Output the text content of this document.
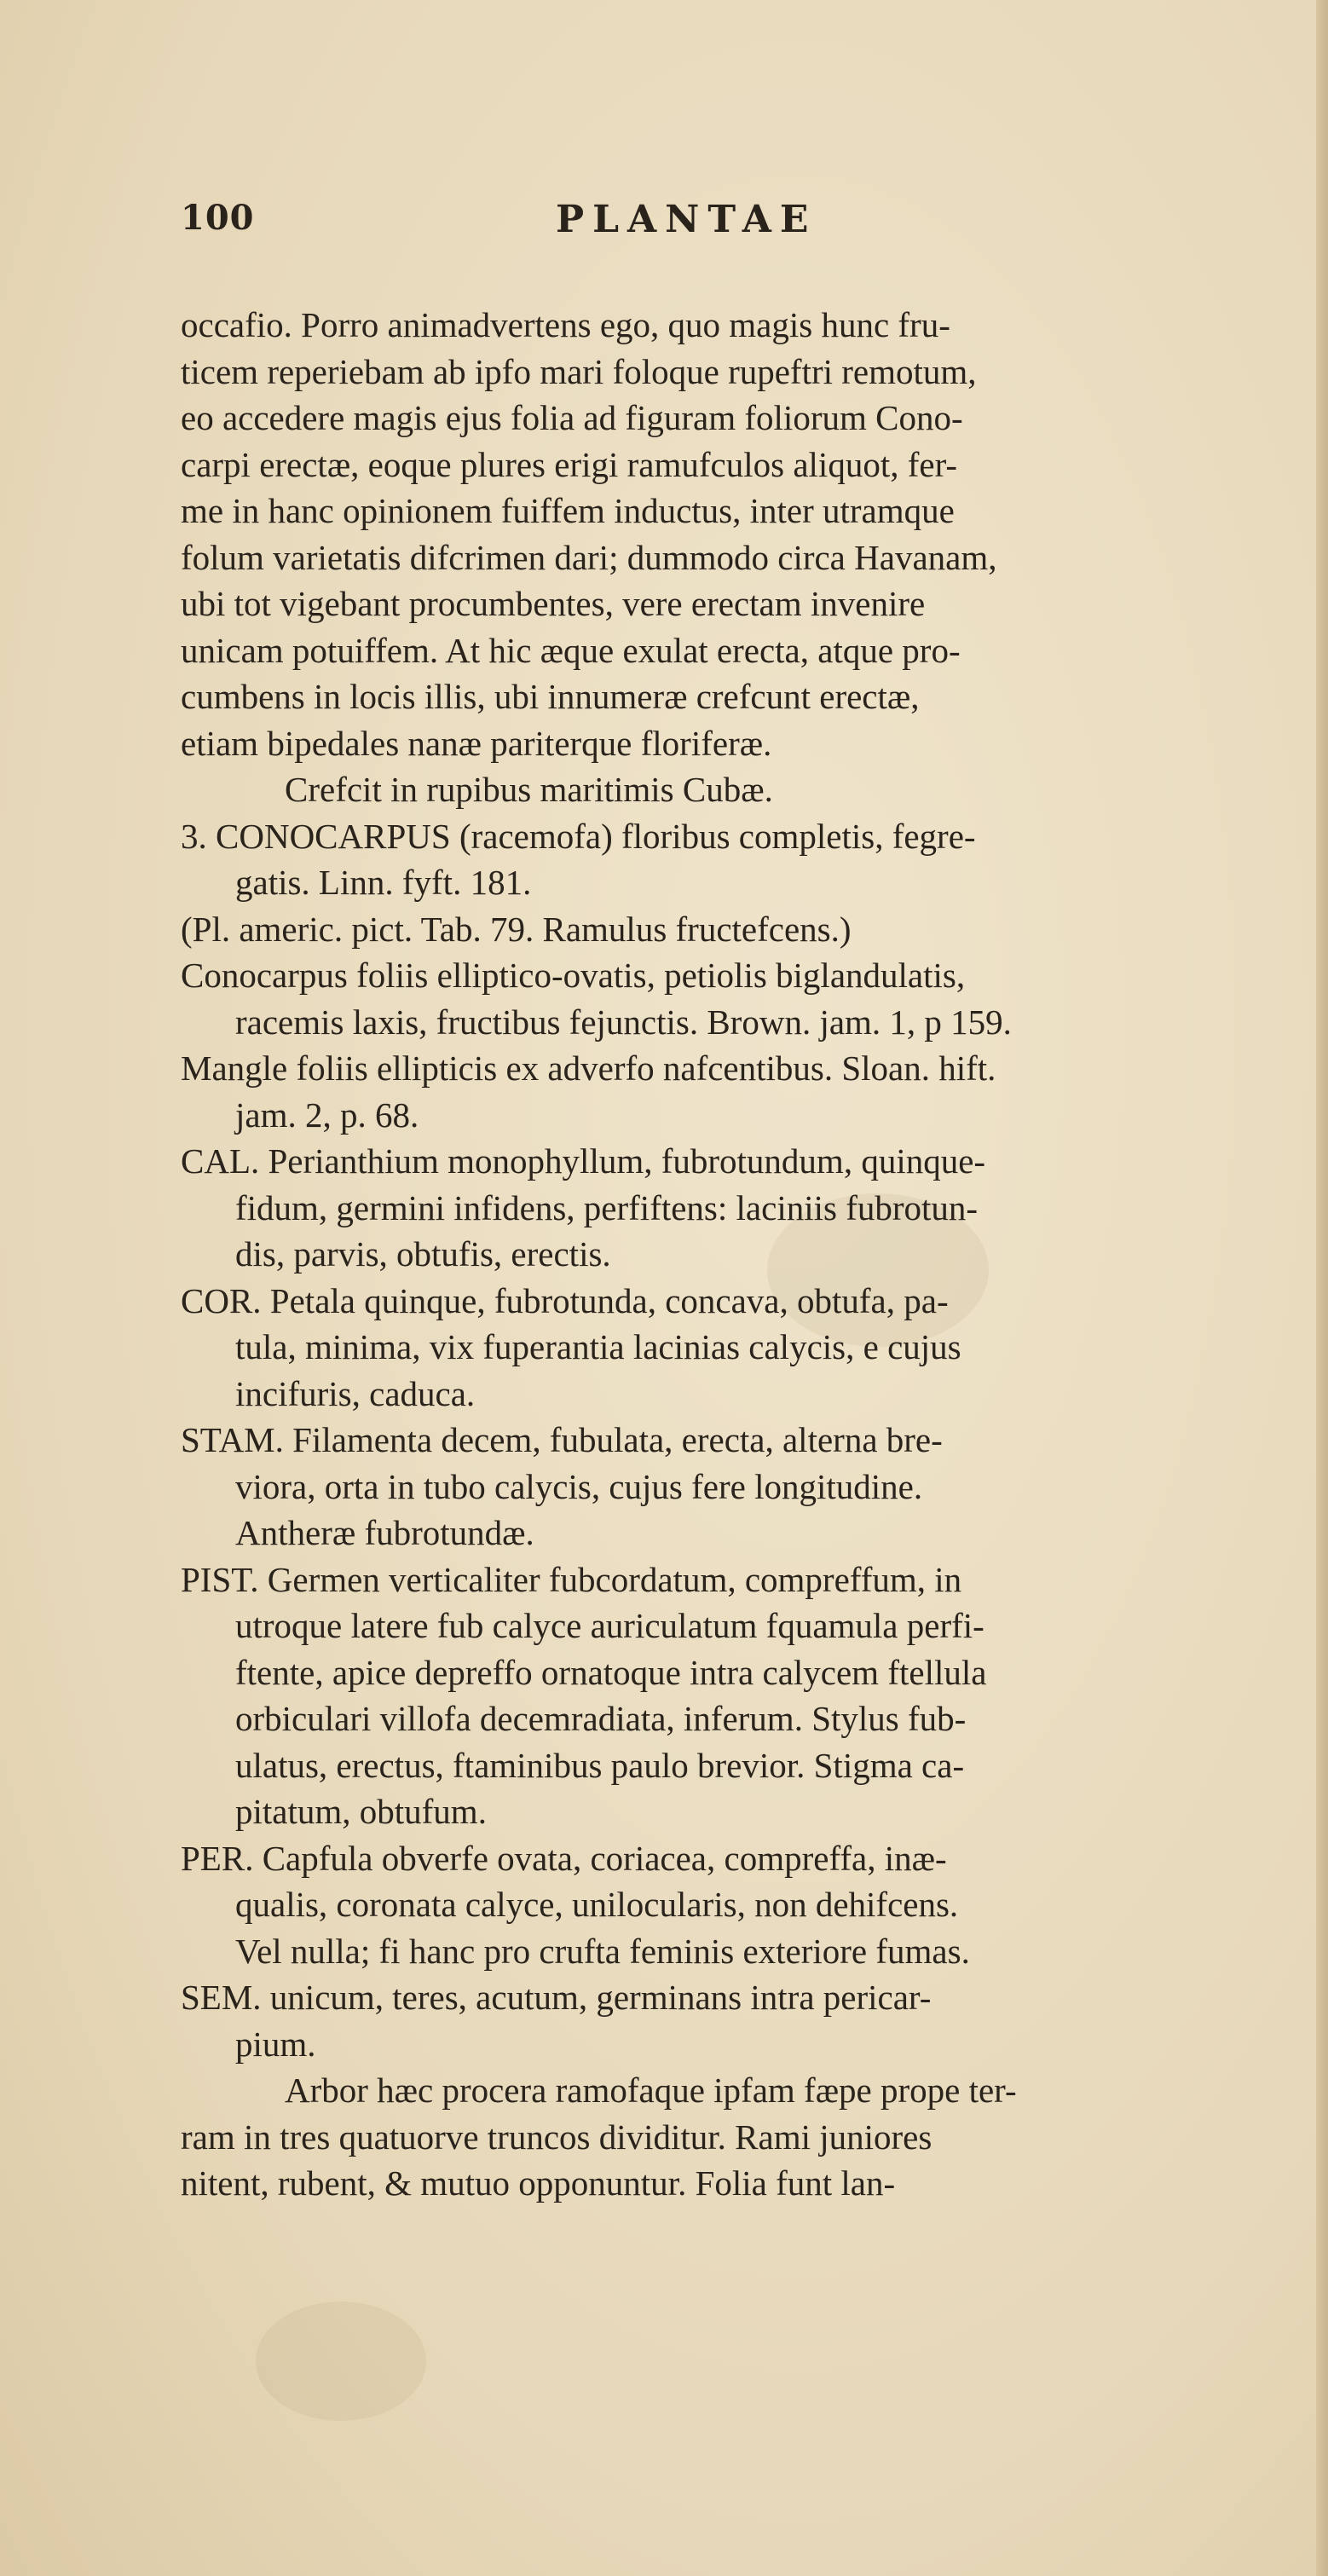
100	PLANTAE
occafio. Porro animadvertens ego, quo magis hunc fru-
ticem reperiebam ab ipfo mari foloque rupeftri remotum,
eo accedere magis ejus folia ad figuram foliorum Cono-
carpi erectæ, eoque plures erigi ramufculos aliquot, fer-
me in hanc opinionem fuiffem inductus, inter utramque
folum varietatis difcrimen dari; dummodo circa Havanam,
ubi tot vigebant procumbentes, vere erectam invenire
unicam potuiffem. At hic æque exulat erecta, atque pro-
cumbens in locis illis, ubi innumeræ crefcunt erectæ,
etiam bipedales nanæ pariterque floriferæ.
Crefcit in rupibus maritimis Cubæ.
3. CONOCARPUS (racemofa) floribus completis, fegre-
gatis. Linn. fyft. 181.
(Pl. americ. pict. Tab. 79. Ramulus fructefcens.)
Conocarpus foliis elliptico-ovatis, petiolis biglandulatis,
racemis laxis, fructibus fejunctis. Brown. jam. 1, p 159.
Mangle foliis ellipticis ex adverfo nafcentibus. Sloan. hift.
jam. 2, p. 68.
CAL. Perianthium monophyllum, fubrotundum, quinque-
fidum, germini infidens, perfiftens: laciniis fubrotun-
dis, parvis, obtufis, erectis.
COR. Petala quinque, fubrotunda, concava, obtufa, pa-
tula, minima, vix fuperantia lacinias calycis, e cujus
incifuris, caduca.
STAM. Filamenta decem, fubulata, erecta, alterna bre-
viora, orta in tubo calycis, cujus fere longitudine.
Antheræ fubrotundæ.
PIST. Germen verticaliter fubcordatum, compreffum, in
utroque latere fub calyce auriculatum fquamula perfi-
ftente, apice depreffo ornatoque intra calycem ftellula
orbiculari villofa decemradiata, inferum. Stylus fub-
ulatus, erectus, ftaminibus paulo brevior. Stigma ca-
pitatum, obtufum.
PER. Capfula obverfe ovata, coriacea, compreffa, inæ-
qualis, coronata calyce, unilocularis, non dehifcens.
Vel nulla; fi hanc pro crufta feminis exteriore fumas.
SEM. unicum, teres, acutum, germinans intra pericar-
pium.
Arbor hæc procera ramofaque ipfam fæpe prope ter-
ram in tres quatuorve truncos dividitur. Rami juniores
nitent, rubent, & mutuo opponuntur. Folia funt lan-
